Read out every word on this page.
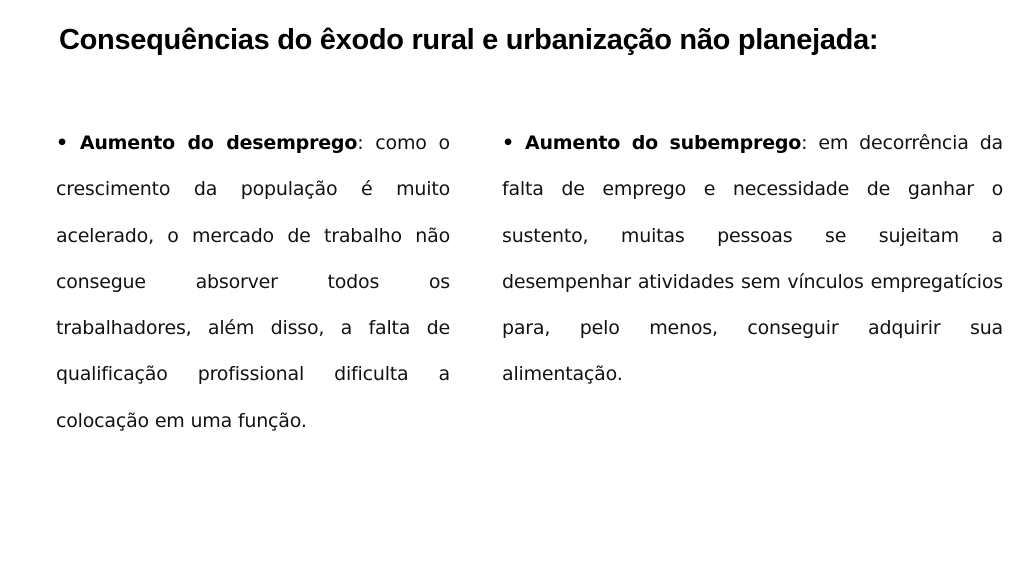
Consequências do êxodo rural e urbanização não planejada:

• Aumento do desemprego: como o crescimento da população é muito acelerado, o mercado de trabalho não consegue absorver todos os trabalhadores, além disso, a falta de qualificação profissional dificulta a colocação em uma função.

• Aumento do subemprego: em decorrência da falta de emprego e necessidade de ganhar o sustento, muitas pessoas se sujeitam a desempenhar atividades sem vínculos empregatícios para, pelo menos, conseguir adquirir sua alimentação.
